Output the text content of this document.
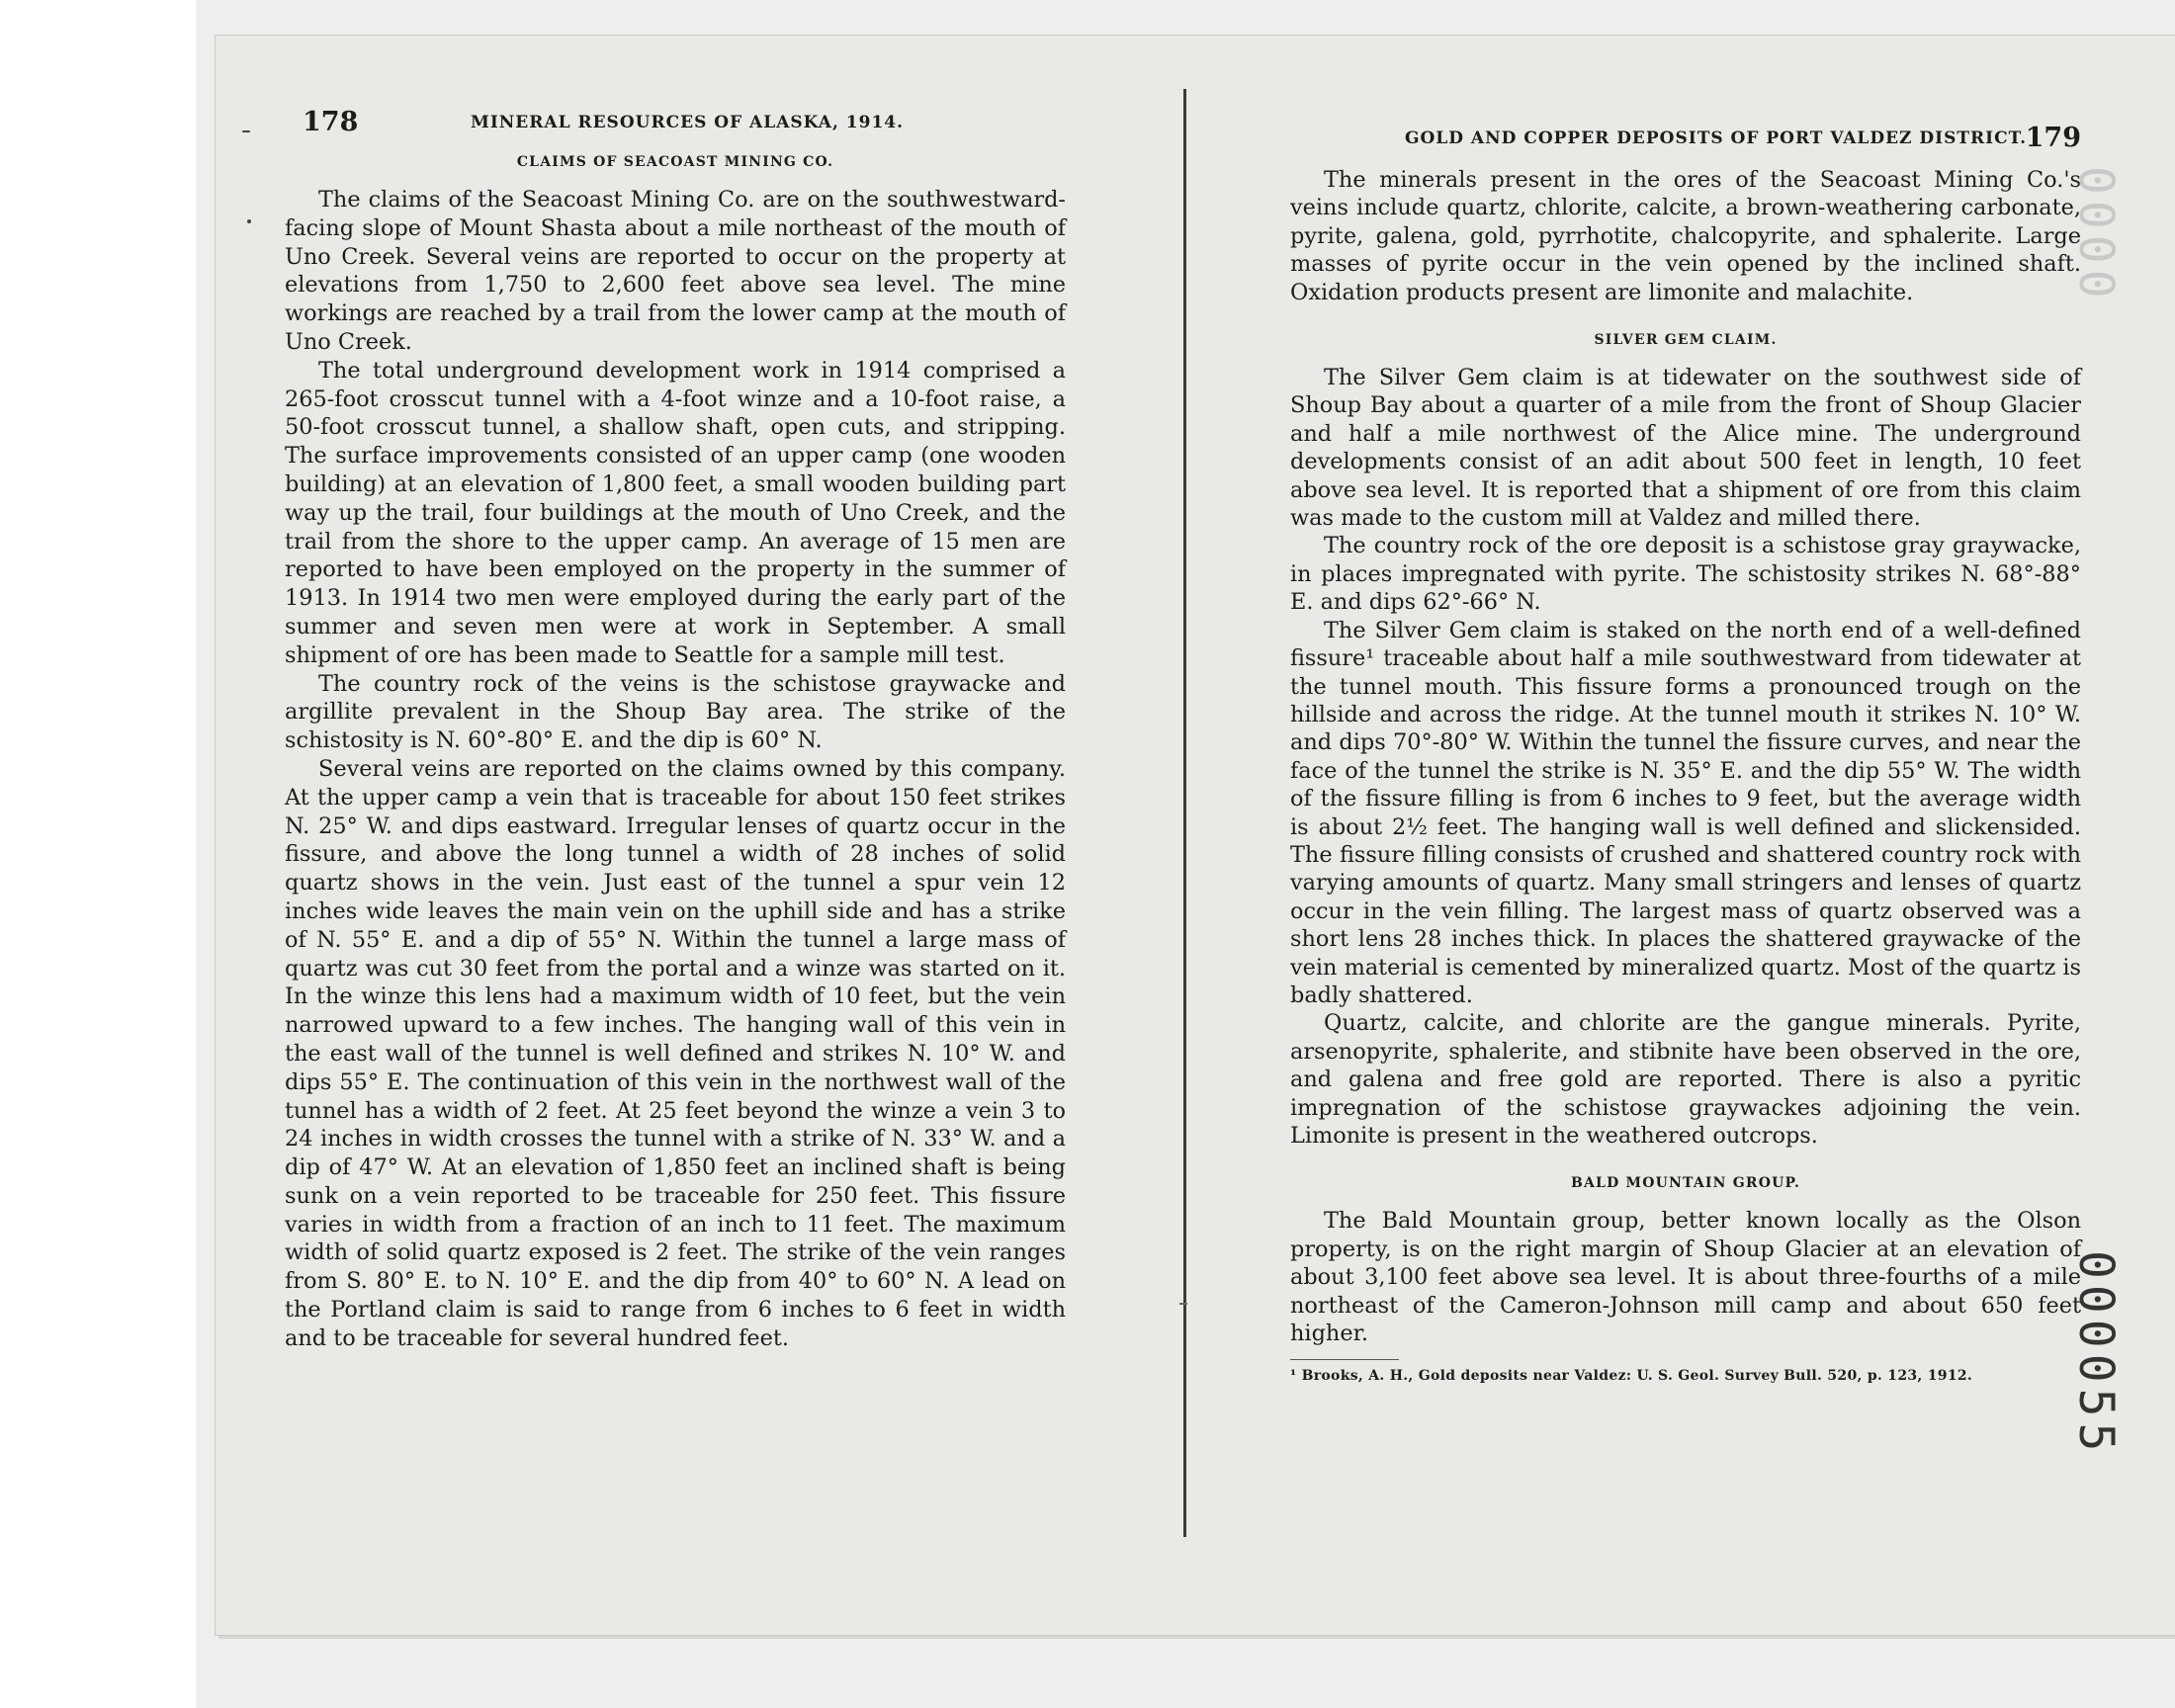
178	MINERAL RESOURCES OF ALASKA, 1914.
CLAIMS OF SEACOAST MINING CO.

The claims of the Seacoast Mining Co. are on the southwestward-facing slope of Mount Shasta about a mile northeast of the mouth of Uno Creek. Several veins are reported to occur on the property at elevations from 1,750 to 2,600 feet above sea level. The mine workings are reached by a trail from the lower camp at the mouth of Uno Creek.

The total underground development work in 1914 comprised a 265-foot crosscut tunnel with a 4-foot winze and a 10-foot raise, a 50-foot crosscut tunnel, a shallow shaft, open cuts, and stripping. The surface improvements consisted of an upper camp (one wooden building) at an elevation of 1,800 feet, a small wooden building part way up the trail, four buildings at the mouth of Uno Creek, and the trail from the shore to the upper camp. An average of 15 men are reported to have been employed on the property in the summer of 1913. In 1914 two men were employed during the early part of the summer and seven men were at work in September. A small shipment of ore has been made to Seattle for a sample mill test.

The country rock of the veins is the schistose graywacke and argillite prevalent in the Shoup Bay area. The strike of the schistosity is N. 60°-80° E. and the dip is 60° N.

Several veins are reported on the claims owned by this company. At the upper camp a vein that is traceable for about 150 feet strikes N. 25° W. and dips eastward. Irregular lenses of quartz occur in the fissure, and above the long tunnel a width of 28 inches of solid quartz shows in the vein. Just east of the tunnel a spur vein 12 inches wide leaves the main vein on the uphill side and has a strike of N. 55° E. and a dip of 55° N. Within the tunnel a large mass of quartz was cut 30 feet from the portal and a winze was started on it. In the winze this lens had a maximum width of 10 feet, but the vein narrowed upward to a few inches. The hanging wall of this vein in the east wall of the tunnel is well defined and strikes N. 10° W. and dips 55° E. The continuation of this vein in the northwest wall of the tunnel has a width of 2 feet. At 25 feet beyond the winze a vein 3 to 24 inches in width crosses the tunnel with a strike of N. 33° W. and a dip of 47° W. At an elevation of 1,850 feet an inclined shaft is being sunk on a vein reported to be traceable for 250 feet. This fissure varies in width from a fraction of an inch to 11 feet. The maximum width of solid quartz exposed is 2 feet. The strike of the vein ranges from S. 80° E. to N. 10° E. and the dip from 40° to 60° N. A lead on the Portland claim is said to range from 6 inches to 6 feet in width and to be traceable for several hundred feet.

GOLD AND COPPER DEPOSITS OF PORT VALDEZ DISTRICT.
179

The minerals present in the ores of the Seacoast Mining Co.'s veins include quartz, chlorite, calcite, a brown-weathering carbonate, pyrite, galena, gold, pyrrhotite, chalcopyrite, and sphalerite. Large masses of pyrite occur in the vein opened by the inclined shaft. Oxidation products present are limonite and malachite.

SILVER GEM CLAIM.

The Silver Gem claim is at tidewater on the southwest side of Shoup Bay about a quarter of a mile from the front of Shoup Glacier and half a mile northwest of the Alice mine. The underground developments consist of an adit about 500 feet in length, 10 feet above sea level. It is reported that a shipment of ore from this claim was made to the custom mill at Valdez and milled there.

The country rock of the ore deposit is a schistose gray graywacke, in places impregnated with pyrite. The schistosity strikes N. 68°-88° E. and dips 62°-66° N.

The Silver Gem claim is staked on the north end of a well-defined fissure¹ traceable about half a mile southwestward from tidewater at the tunnel mouth. This fissure forms a pronounced trough on the hillside and across the ridge. At the tunnel mouth it strikes N. 10° W. and dips 70°-80° W. Within the tunnel the fissure curves, and near the face of the tunnel the strike is N. 35° E. and the dip 55° W. The width of the fissure filling is from 6 inches to 9 feet, but the average width is about 2½ feet. The hanging wall is well defined and slickensided. The fissure filling consists of crushed and shattered country rock with varying amounts of quartz. Many small stringers and lenses of quartz occur in the vein filling. The largest mass of quartz observed was a short lens 28 inches thick. In places the shattered graywacke of the vein material is cemented by mineralized quartz. Most of the quartz is badly shattered.

Quartz, calcite, and chlorite are the gangue minerals. Pyrite, arsenopyrite, sphalerite, and stibnite have been observed in the ore, and galena and free gold are reported. There is also a pyritic impregnation of the schistose graywackes adjoining the vein. Limonite is present in the weathered outcrops.

BALD MOUNTAIN GROUP.

The Bald Mountain group, better known locally as the Olson property, is on the right margin of Shoup Glacier at an elevation of about 3,100 feet above sea level. It is about three-fourths of a mile northeast of the Cameron-Johnson mill camp and about 650 feet higher.

¹ Brooks, A. H., Gold deposits near Valdez: U. S. Geol. Survey Bull. 520, p. 123, 1912.
0000
000055
